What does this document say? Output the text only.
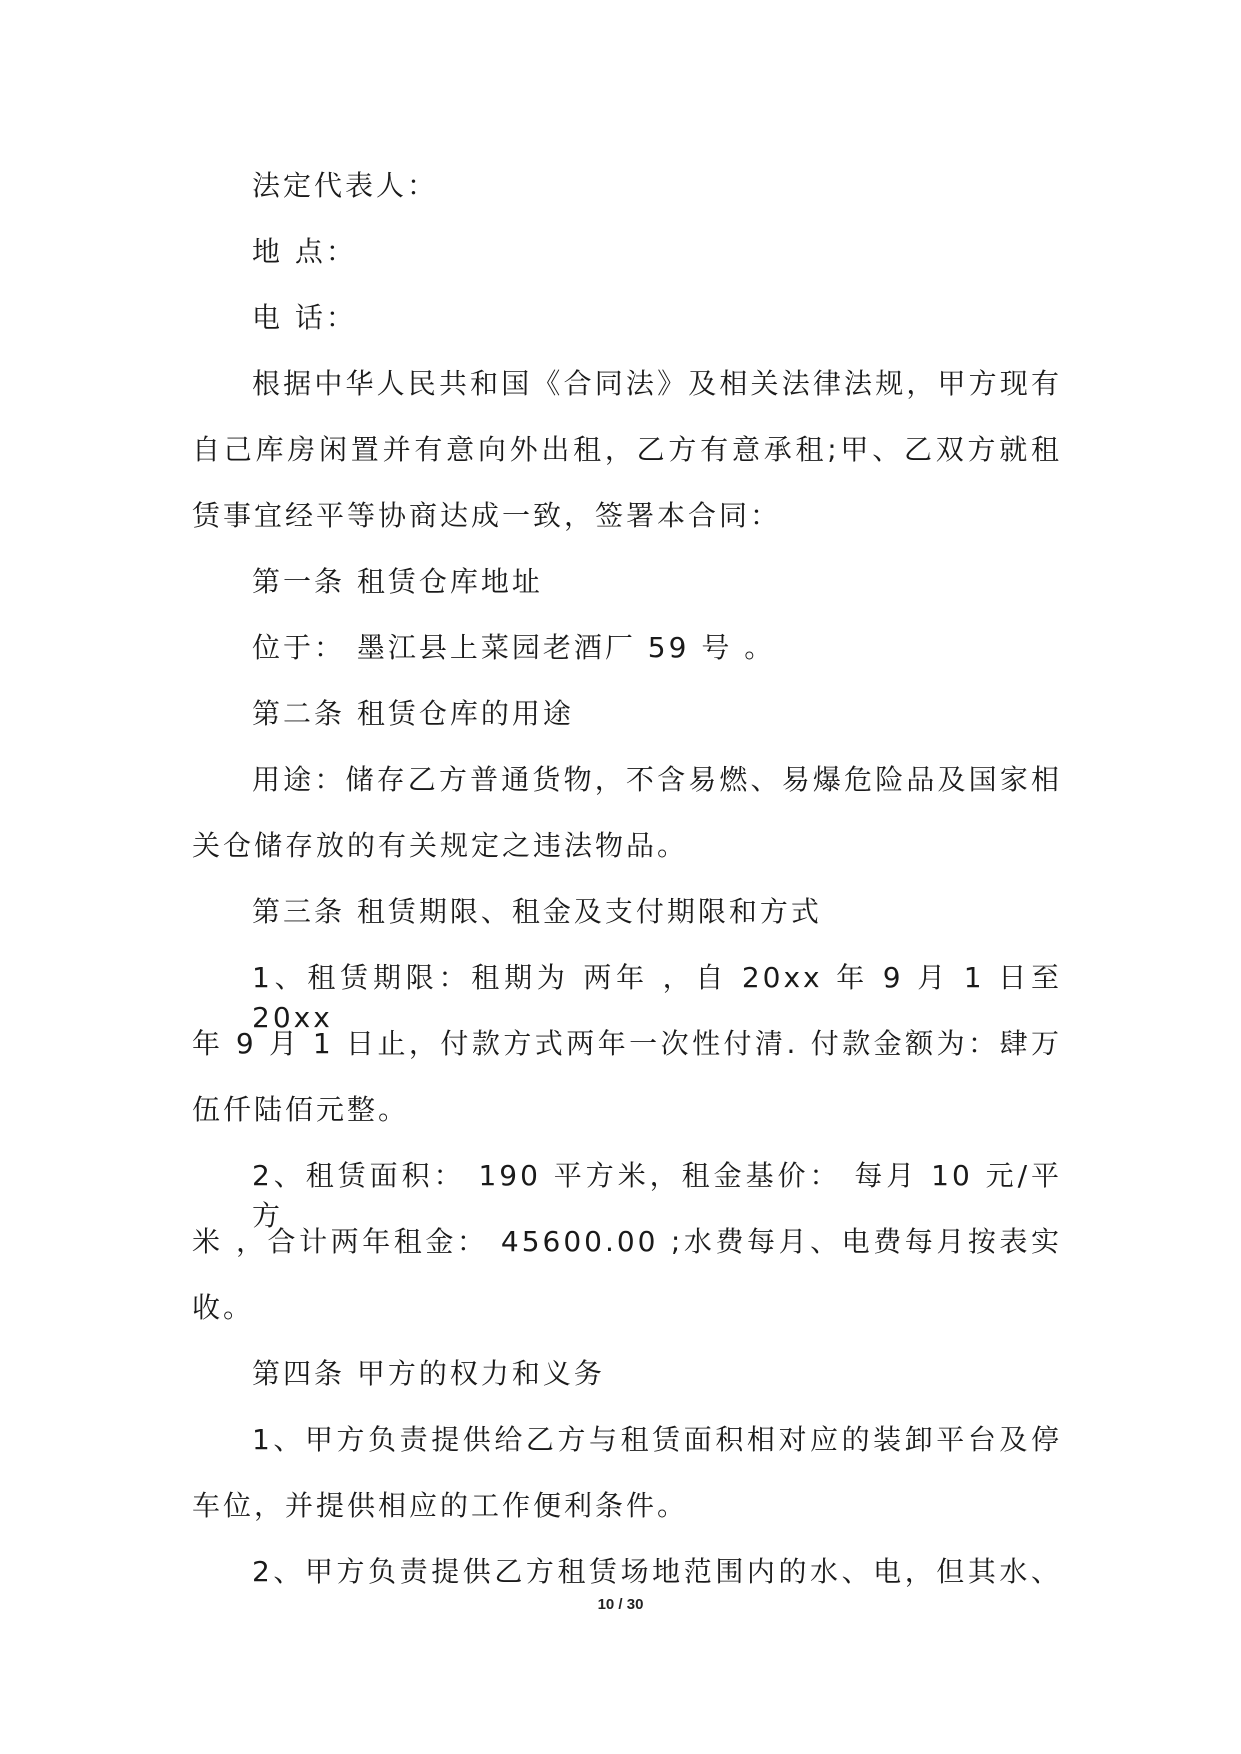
法定代表人：
地 点：
电 话：
根据中华人民共和国《合同法》及相关法律法规，甲方现有
自己库房闲置并有意向外出租，乙方有意承租;甲、乙双方就租
赁事宜经平等协商达成一致，签署本合同：
第一条 租赁仓库地址
位于： 墨江县上菜园老酒厂 59 号 。
第二条 租赁仓库的用途
用途：储存乙方普通货物，不含易燃、易爆危险品及国家相
关仓储存放的有关规定之违法物品。
第三条 租赁期限、租金及支付期限和方式
1、租赁期限：租期为 两年 ，自 20xx 年 9 月 1 日至 20xx
年 9 月 1 日止，付款方式两年一次性付清. 付款金额为：肆万
伍仟陆佰元整。
2、租赁面积： 190 平方米，租金基价： 每月 10 元/平方
米 ，合计两年租金： 45600.00 ;水费每月、电费每月按表实
收。
第四条 甲方的权力和义务
1、甲方负责提供给乙方与租赁面积相对应的装卸平台及停
车位，并提供相应的工作便利条件。
2、甲方负责提供乙方租赁场地范围内的水、电，但其水、
10 / 30
